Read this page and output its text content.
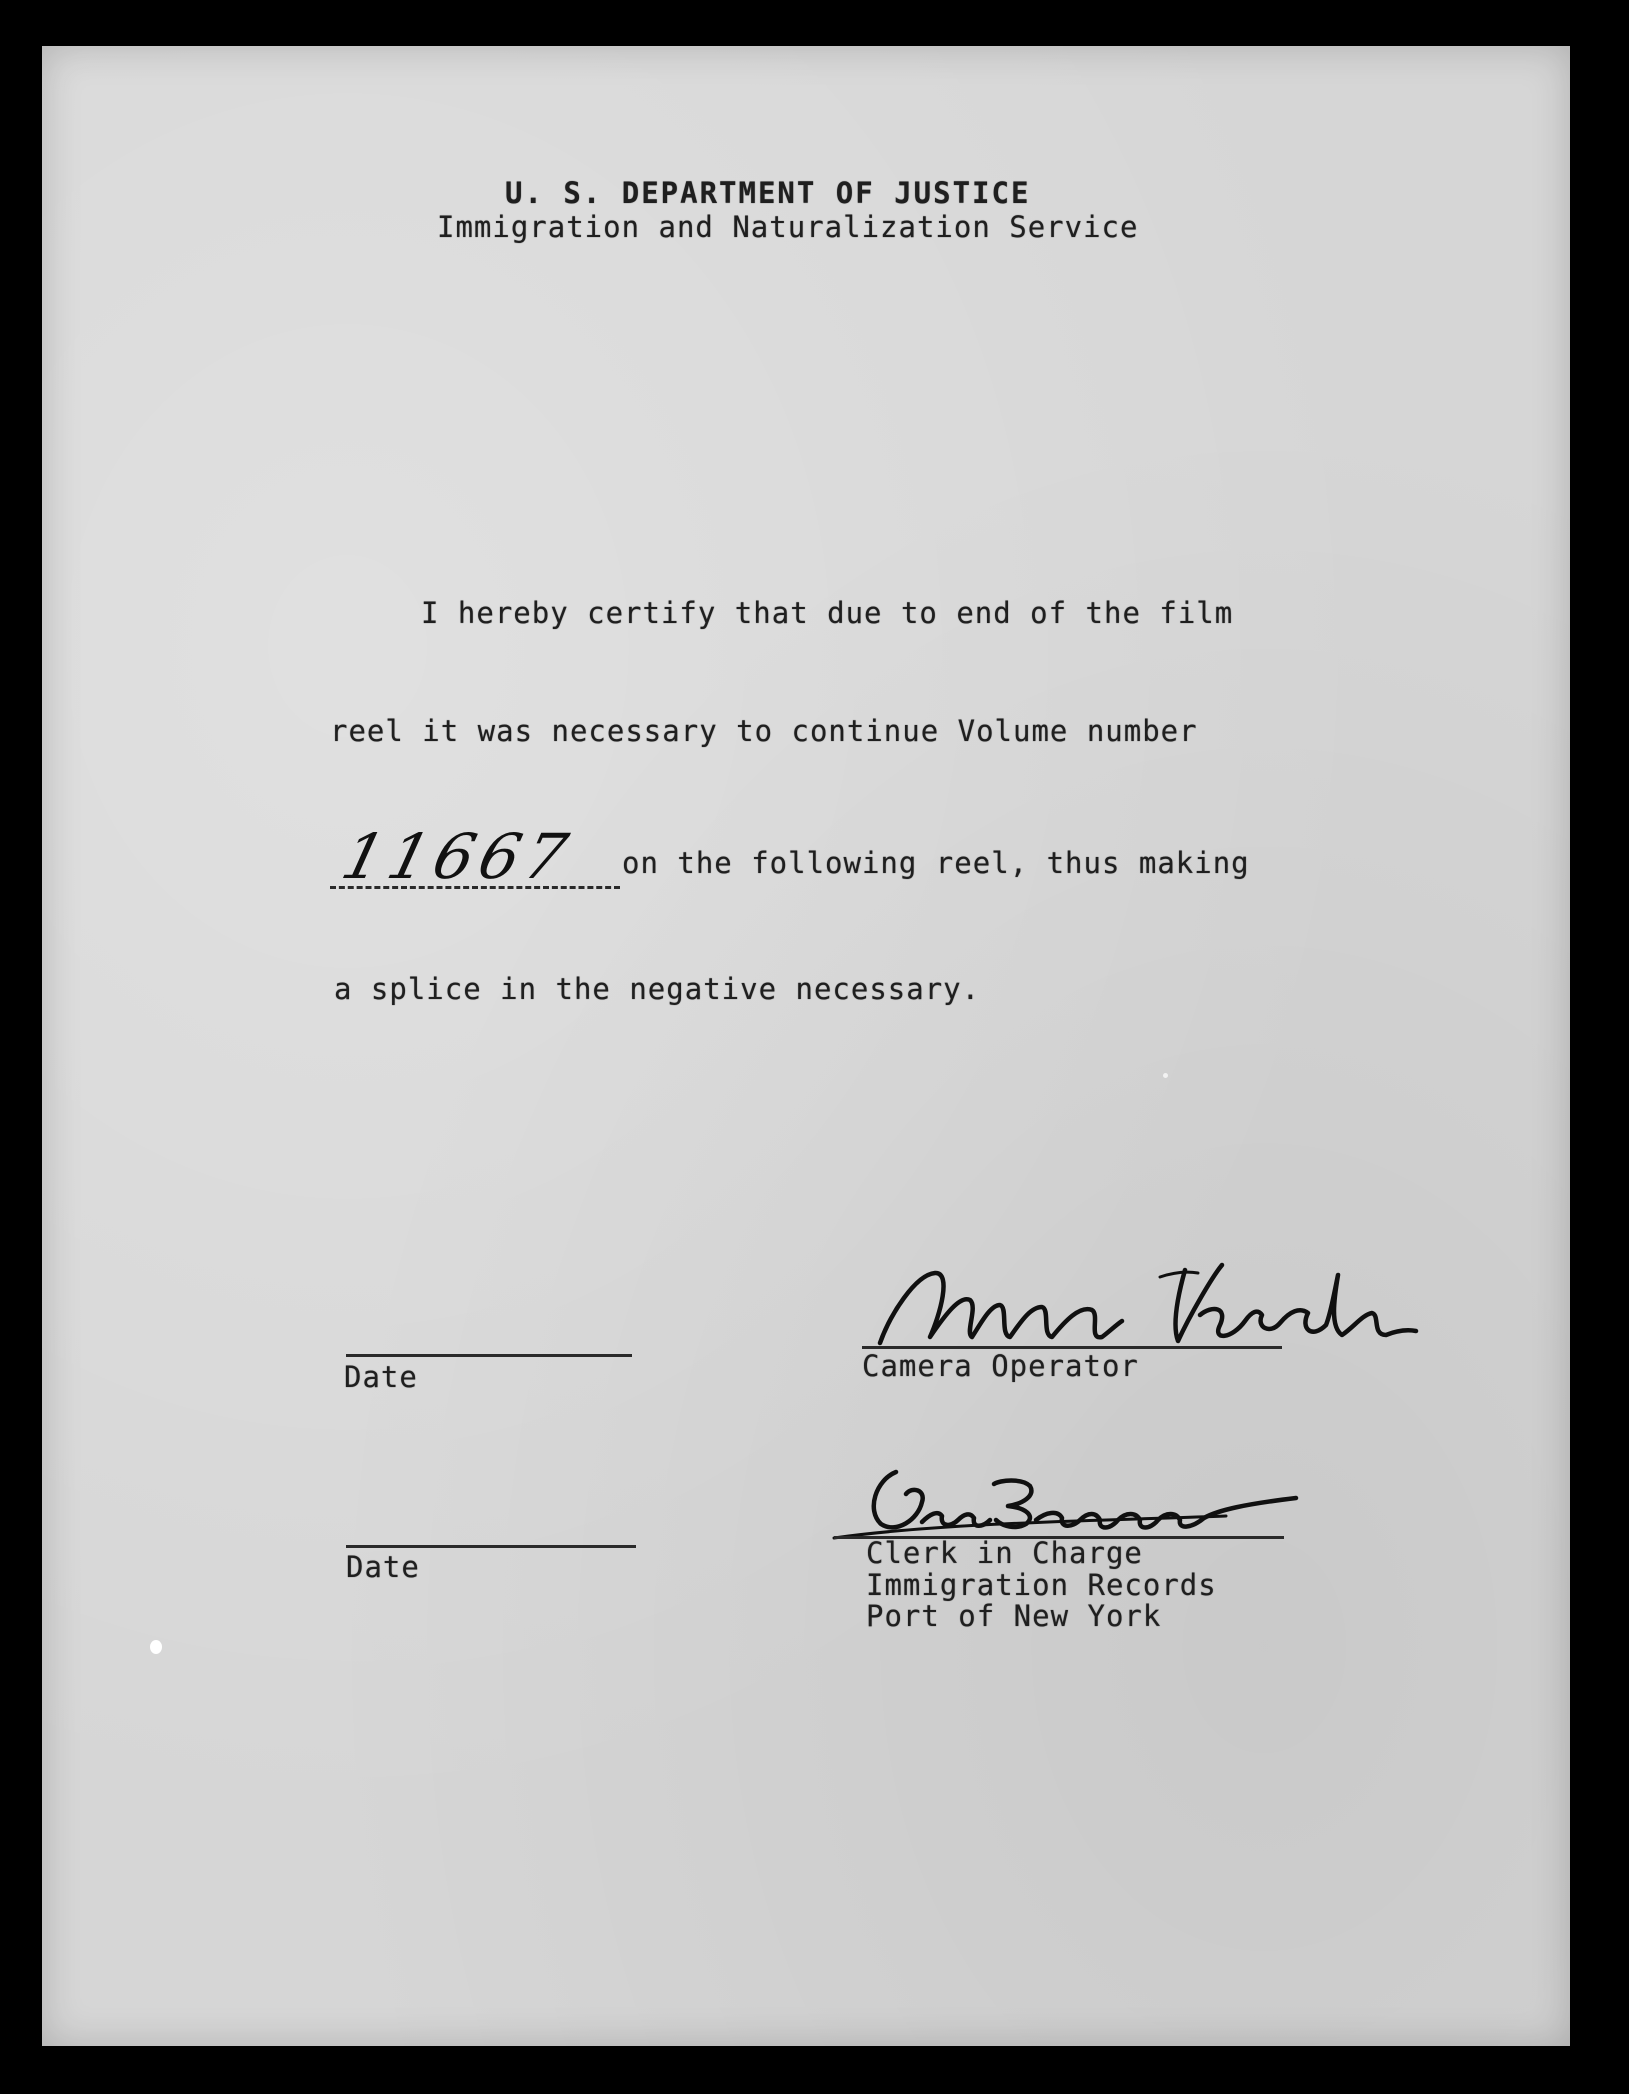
U. S. DEPARTMENT OF JUSTICE
Immigration and Naturalization Service
I hereby certify that due to end of the film
reel it was necessary to continue Volume number
11667 on the following reel, thus making
a splice in the negative necessary.
Date
Date
Camera Operator
Clerk in Charge
Immigration Records
Port of New York
